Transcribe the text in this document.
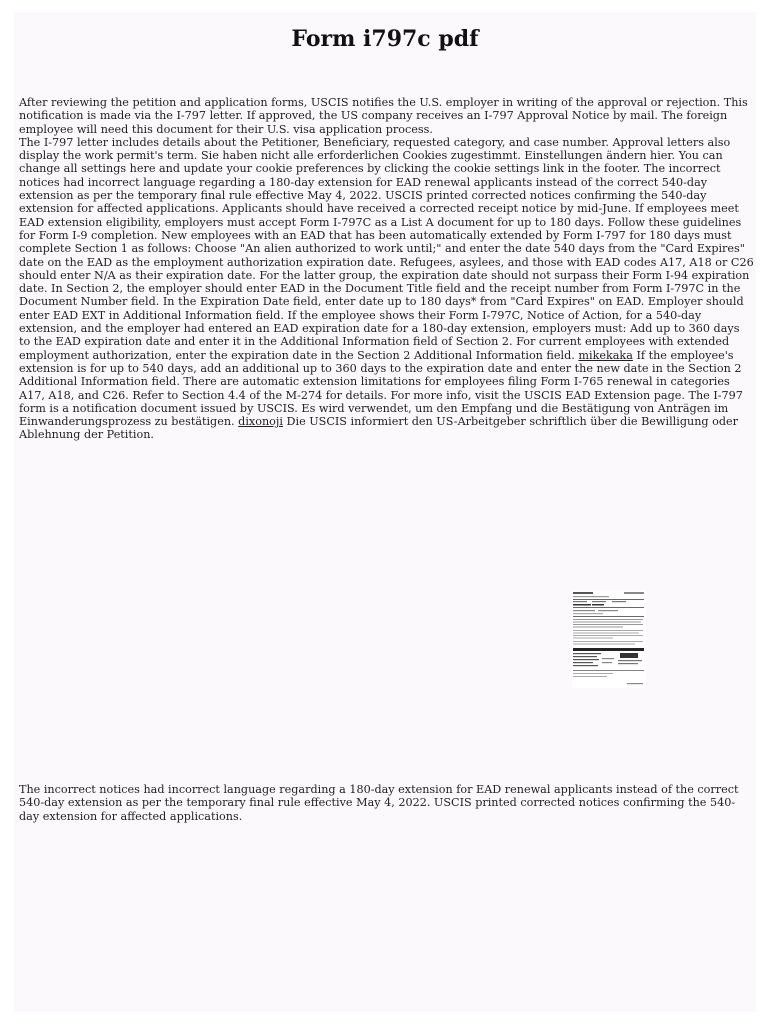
Form i797c pdf

After reviewing the petition and application forms, USCIS notifies the U.S. employer in writing of the approval or rejection. This notification is made via the I-797 letter. If approved, the US company receives an I-797 Approval Notice by mail. The foreign employee will need this document for their U.S. visa application process.
The I-797 letter includes details about the Petitioner, Beneficiary, requested category, and case number. Approval letters also display the work permit's term. Sie haben nicht alle erforderlichen Cookies zugestimmt. Einstellungen ändern hier. You can change all settings here and update your cookie preferences by clicking the cookie settings link in the footer. The incorrect notices had incorrect language regarding a 180-day extension for EAD renewal applicants instead of the correct 540-day extension as per the temporary final rule effective May 4, 2022. USCIS printed corrected notices confirming the 540-day extension for affected applications. Applicants should have received a corrected receipt notice by mid-June. If employees meet EAD extension eligibility, employers must accept Form I-797C as a List A document for up to 180 days. Follow these guidelines for Form I-9 completion. New employees with an EAD that has been automatically extended by Form I-797 for 180 days must complete Section 1 as follows: Choose "An alien authorized to work until;" and enter the date 540 days from the "Card Expires" date on the EAD as the employment authorization expiration date. Refugees, asylees, and those with EAD codes A17, A18 or C26 should enter N/A as their expiration date. For the latter group, the expiration date should not surpass their Form I-94 expiration date. In Section 2, the employer should enter EAD in the Document Title field and the receipt number from Form I-797C in the Document Number field. In the Expiration Date field, enter date up to 180 days* from "Card Expires" on EAD. Employer should enter EAD EXT in Additional Information field. If the employee shows their Form I-797C, Notice of Action, for a 540-day extension, and the employer had entered an EAD expiration date for a 180-day extension, employers must: Add up to 360 days to the EAD expiration date and enter it in the Additional Information field of Section 2. For current employees with extended employment authorization, enter the expiration date in the Section 2 Additional Information field. mikekaka If the employee's extension is for up to 540 days, add an additional up to 360 days to the expiration date and enter the new date in the Section 2 Additional Information field. There are automatic extension limitations for employees filing Form I-765 renewal in categories A17, A18, and C26. Refer to Section 4.4 of the M-274 for details. For more info, visit the USCIS EAD Extension page. The I-797 form is a notification document issued by USCIS. Es wird verwendet, um den Empfang und die Bestätigung von Anträgen im Einwanderungsprozess zu bestätigen. dixonoji Die USCIS informiert den US-Arbeitgeber schriftlich über die Bewilligung oder Ablehnung der Petition.

The incorrect notices had incorrect language regarding a 180-day extension for EAD renewal applicants instead of the correct 540-day extension as per the temporary final rule effective May 4, 2022. USCIS printed corrected notices confirming the 540-day extension for affected applications.
